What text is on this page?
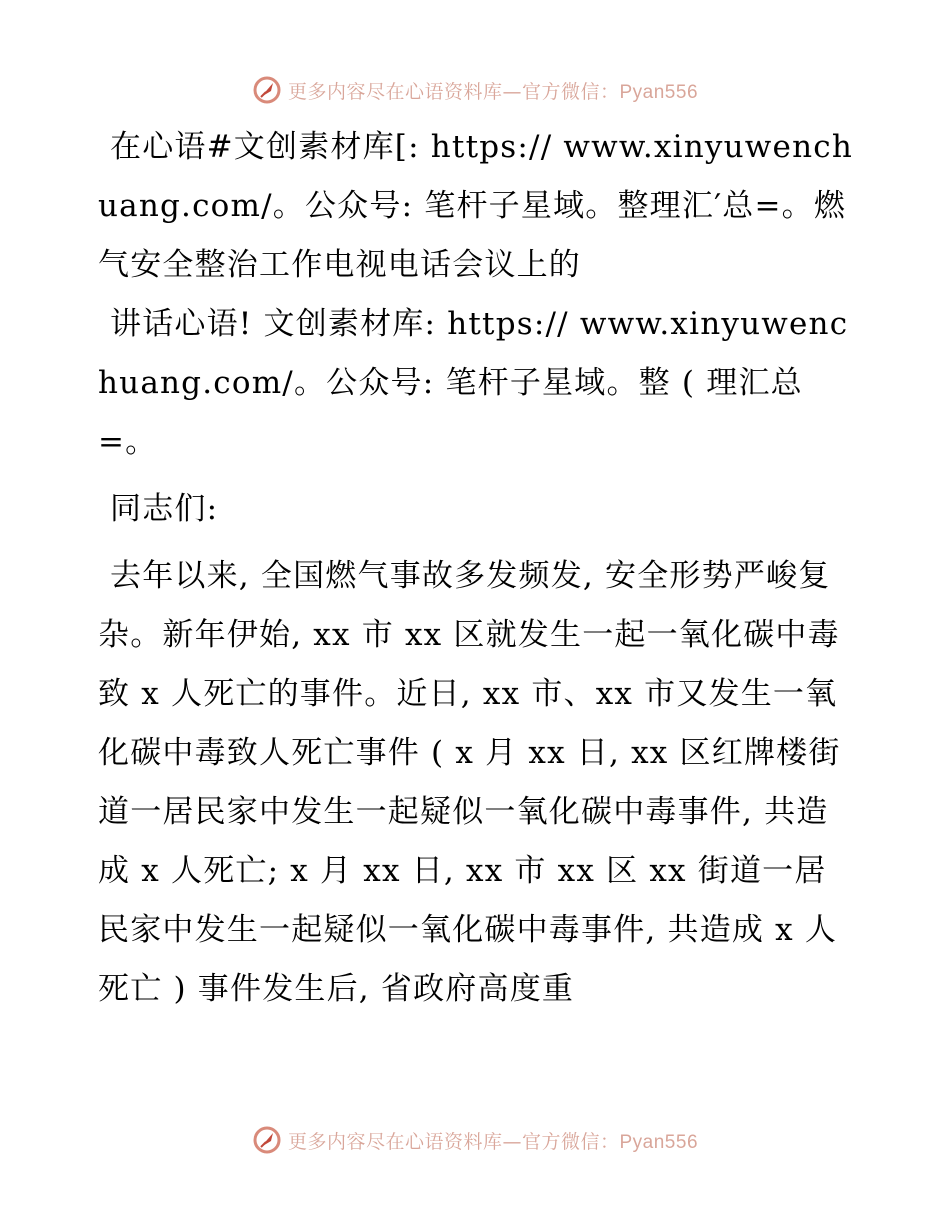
更多内容尽在心语资料库—官方微信：Pyan556

在心语#文创素材库[: https:// www.xinyuwenchuang.com/。公众号: 笔杆子星域。整理汇′总=。燃气安全整治工作电视电话会议上的

讲话心语! 文创素材库: https:// www.xinyuwenchuang.com/。公众号: 笔杆子星域。整 ( 理汇总=。

同志们:

去年以来, 全国燃气事故多发频发, 安全形势严峻复杂。新年伊始, xx 市 xx 区就发生一起一氧化碳中毒致 x 人死亡的事件。近日, xx 市、xx 市又发生一氧化碳中毒致人死亡事件 ( x 月 xx 日, xx 区红牌楼街道一居民家中发生一起疑似一氧化碳中毒事件, 共造成 x 人死亡; x 月 xx 日, xx 市 xx 区 xx 街道一居民家中发生一起疑似一氧化碳中毒事件, 共造成 x 人死亡 ) 事件发生后, 省政府高度重

更多内容尽在心语资料库—官方微信：Pyan556
